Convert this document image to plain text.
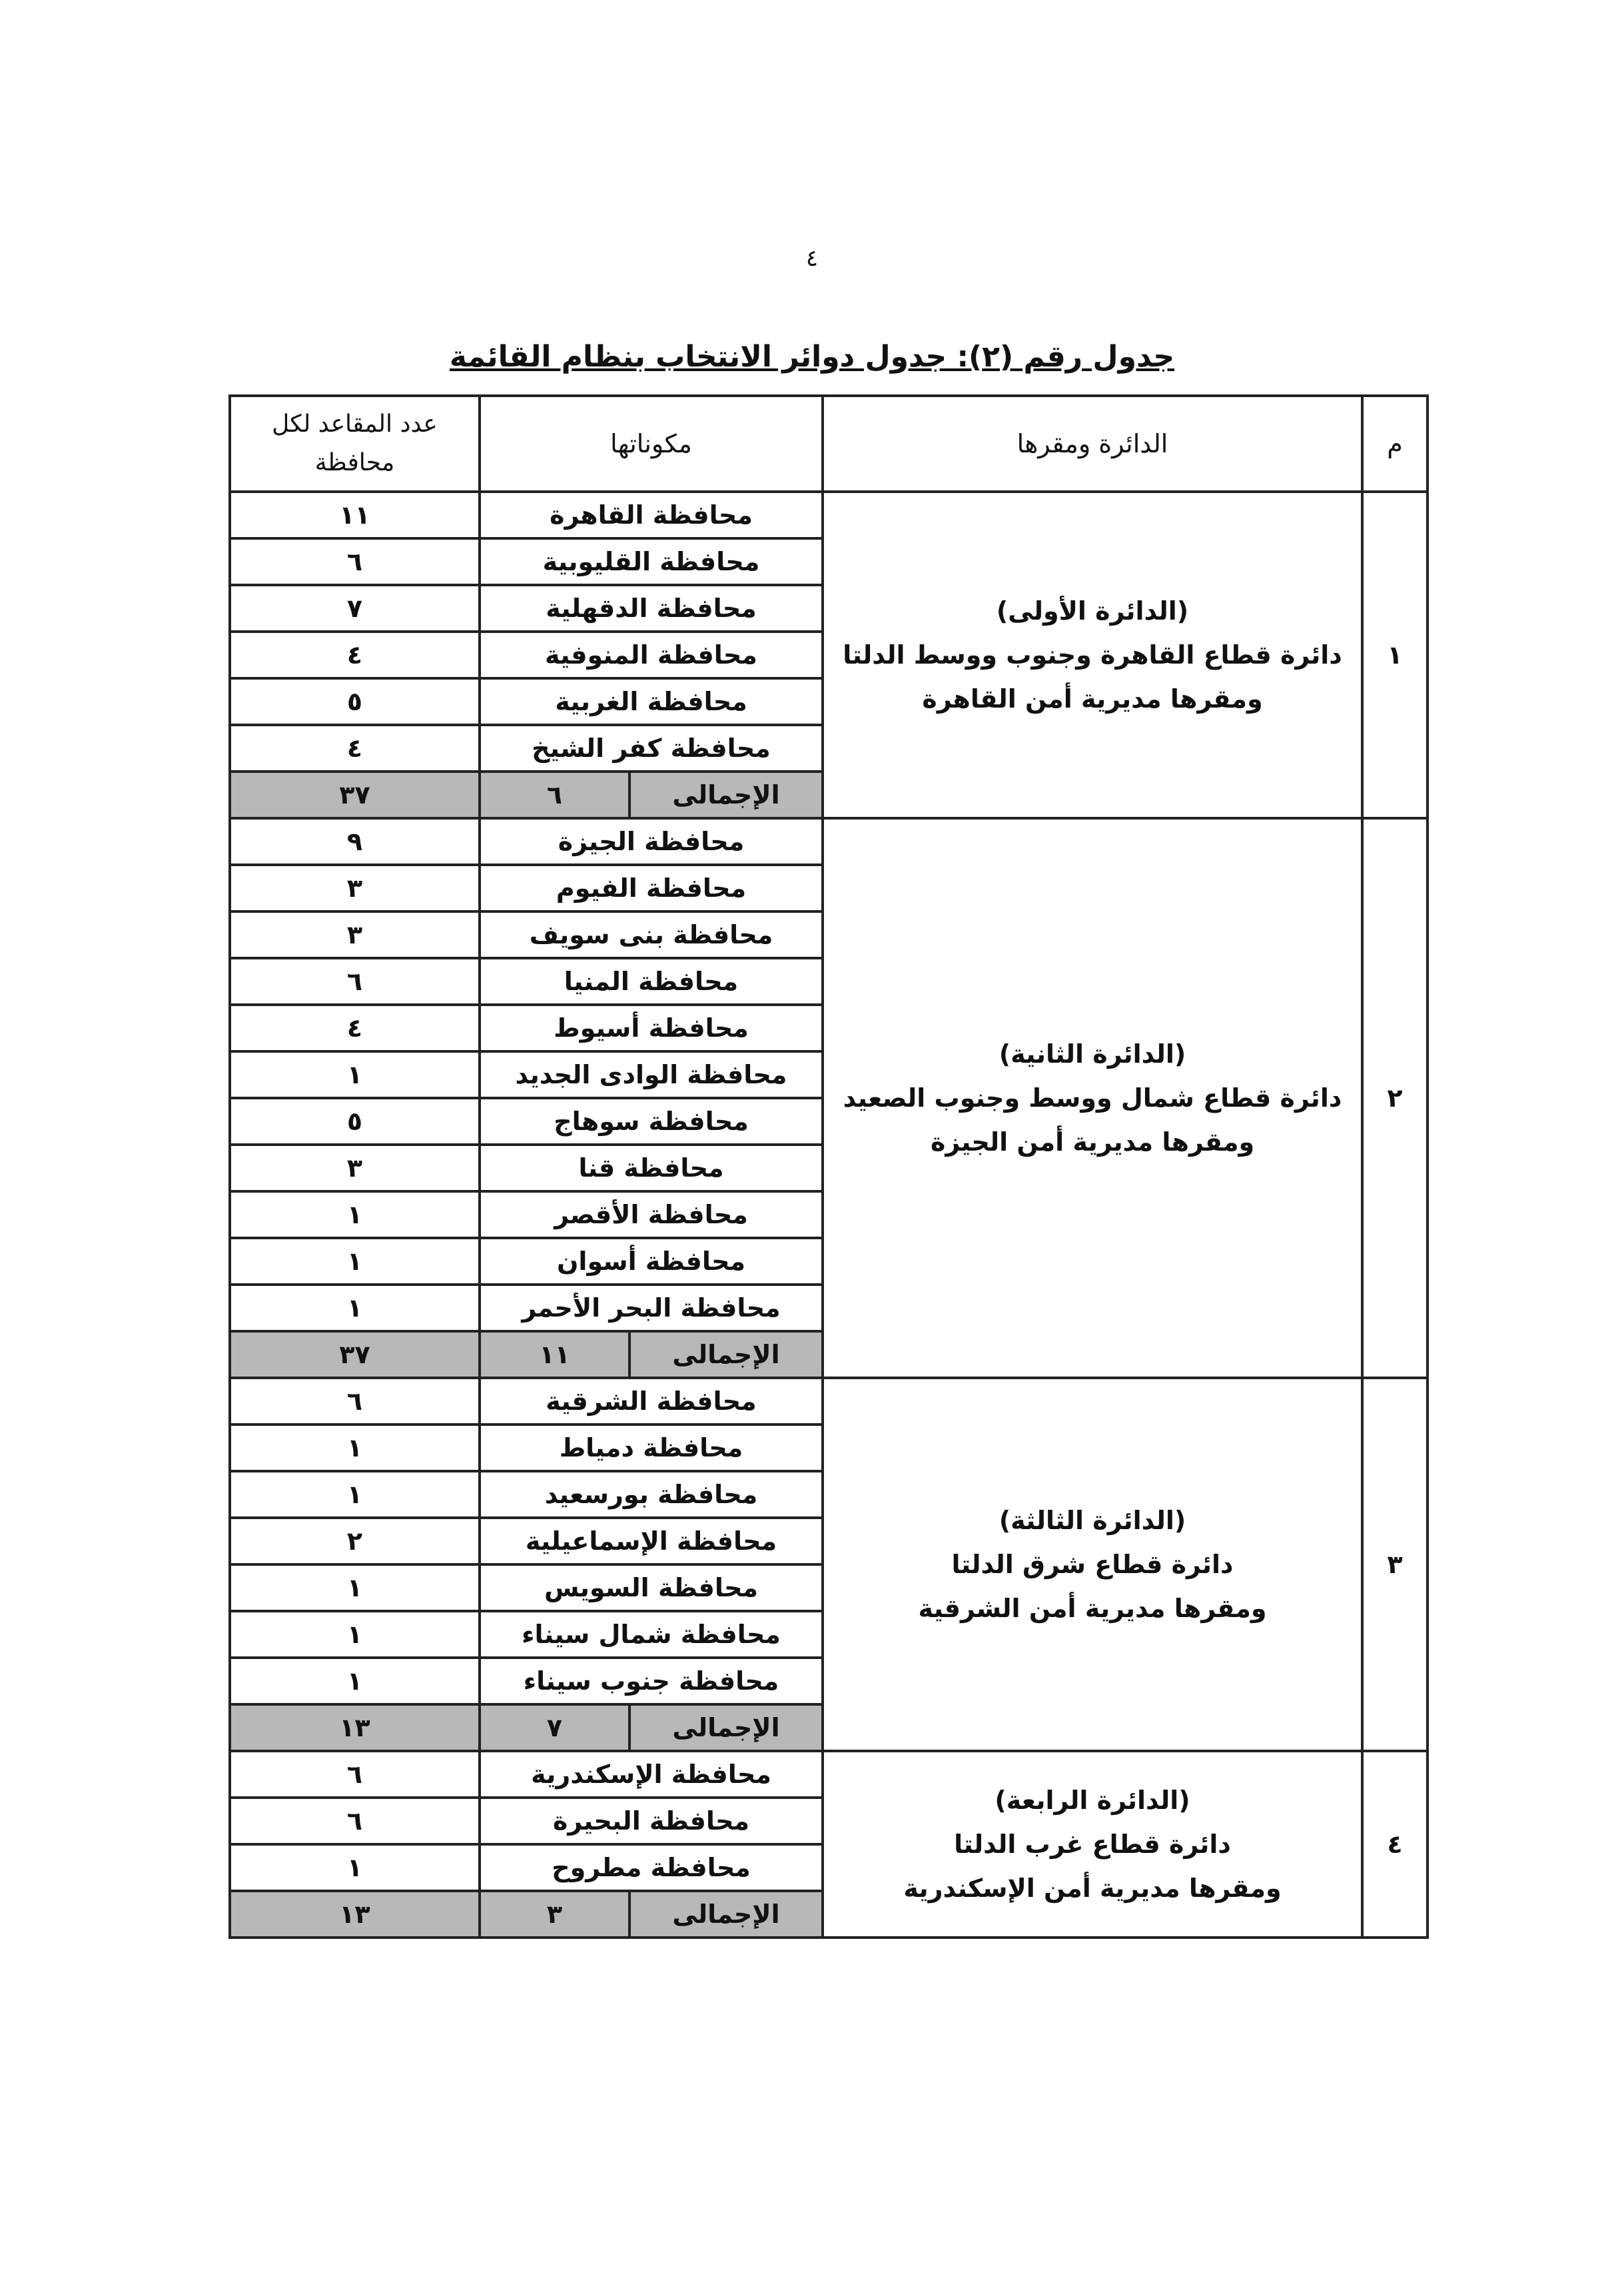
٤
جدول رقم (٢): جدول دوائر الانتخاب بنظام القائمة
م	الدائرة ومقرها	مكوناتها		عدد المقاعد لكل محافظة
١	(الدائرة الأولى)
دائرة قطاع القاهرة وجنوب ووسط الدلتا
ومقرها مديرية أمن القاهرة	محافظة القاهرة		١١
		محافظة القليوبية		٦
		محافظة الدقهلية		٧
		محافظة المنوفية		٤
		محافظة الغربية		٥
		محافظة كفر الشيخ		٤
		الإجمالى	٦	٣٧
٢	(الدائرة الثانية)
دائرة قطاع شمال ووسط وجنوب الصعيد
ومقرها مديرية أمن الجيزة	محافظة الجيزة		٩
		محافظة الفيوم		٣
		محافظة بنى سويف		٣
		محافظة المنيا		٦
		محافظة أسيوط		٤
		محافظة الوادى الجديد		١
		محافظة سوهاج		٥
		محافظة قنا		٣
		محافظة الأقصر		١
		محافظة أسوان		١
		محافظة البحر الأحمر		١
		الإجمالى	١١	٣٧
٣	(الدائرة الثالثة)
دائرة قطاع شرق الدلتا
ومقرها مديرية أمن الشرقية	محافظة الشرقية		٦
		محافظة دمياط		١
		محافظة بورسعيد		١
		محافظة الإسماعيلية		٢
		محافظة السويس		١
		محافظة شمال سيناء		١
		محافظة جنوب سيناء		١
		الإجمالى	٧	١٣
٤	(الدائرة الرابعة)
دائرة قطاع غرب الدلتا
ومقرها مديرية أمن الإسكندرية	محافظة الإسكندرية		٦
		محافظة البحيرة		٦
		محافظة مطروح		١
		الإجمالى	٣	١٣
